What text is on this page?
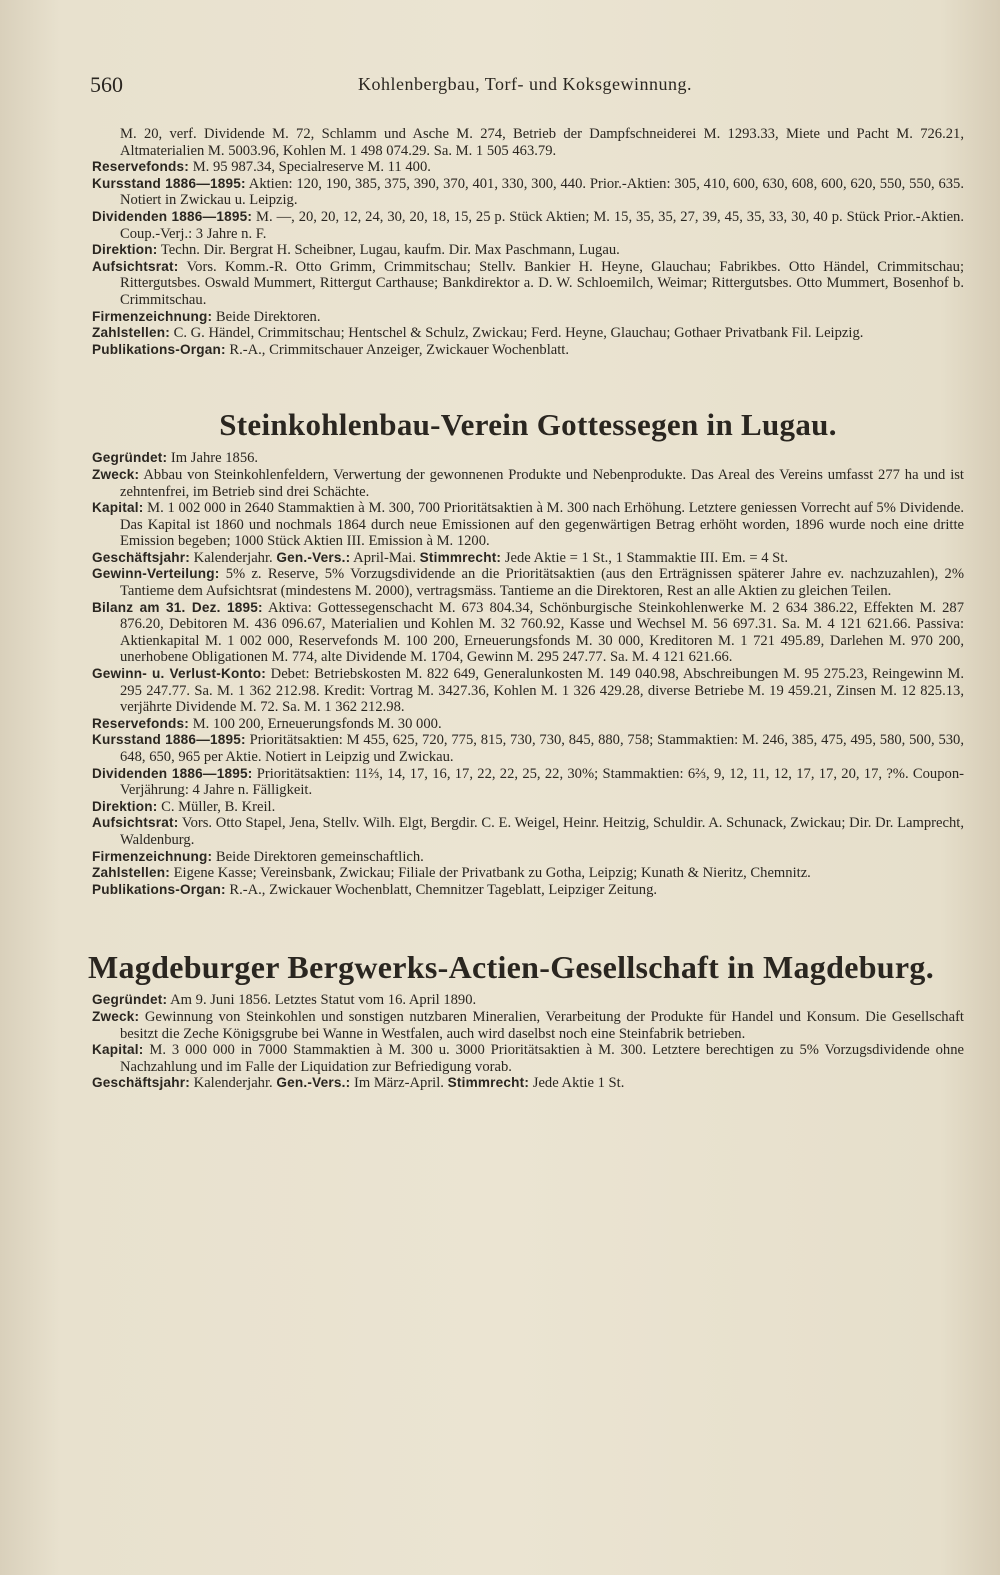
560	Kohlenbergbau, Torf- und Koksgewinnung.

M. 20, verf. Dividende M. 72, Schlamm und Asche M. 274, Betrieb der Dampfschneiderei M. 1293.33, Miete und Pacht M. 726.21, Altmaterialien M. 5003.96, Kohlen M. 1 498 074.29. Sa. M. 1 505 463.79.

Reservefonds: M. 95 987.34, Specialreserve M. 11 400.

Kursstand 1886—1895: Aktien: 120, 190, 385, 375, 390, 370, 401, 330, 300, 440. Prior.-Aktien: 305, 410, 600, 630, 608, 600, 620, 550, 550, 635. Notiert in Zwickau u. Leipzig.

Dividenden 1886—1895: M. —, 20, 20, 12, 24, 30, 20, 18, 15, 25 p. Stück Aktien; M. 15, 35, 35, 27, 39, 45, 35, 33, 30, 40 p. Stück Prior.-Aktien. Coup.-Verj.: 3 Jahre n. F.

Direktion: Techn. Dir. Bergrat H. Scheibner, Lugau, kaufm. Dir. Max Paschmann, Lugau.

Aufsichtsrat: Vors. Komm.-R. Otto Grimm, Crimmitschau; Stellv. Bankier H. Heyne, Glauchau; Fabrikbes. Otto Händel, Crimmitschau; Rittergutsbes. Oswald Mummert, Rittergut Carthause; Bankdirektor a. D. W. Schloemilch, Weimar; Rittergutsbes. Otto Mummert, Bosenhof b. Crimmitschau.

Firmenzeichnung: Beide Direktoren.

Zahlstellen: C. G. Händel, Crimmitschau; Hentschel & Schulz, Zwickau; Ferd. Heyne, Glauchau; Gothaer Privatbank Fil. Leipzig.

Publikations-Organ: R.-A., Crimmitschauer Anzeiger, Zwickauer Wochenblatt.

Steinkohlenbau-Verein Gottessegen in Lugau.

Gegründet: Im Jahre 1856.

Zweck: Abbau von Steinkohlenfeldern, Verwertung der gewonnenen Produkte und Nebenprodukte. Das Areal des Vereins umfasst 277 ha und ist zehntenfrei, im Betrieb sind drei Schächte.

Kapital: M. 1 002 000 in 2640 Stammaktien à M. 300, 700 Prioritätsaktien à M. 300 nach Erhöhung. Letztere geniessen Vorrecht auf 5% Dividende. Das Kapital ist 1860 und nochmals 1864 durch neue Emissionen auf den gegenwärtigen Betrag erhöht worden, 1896 wurde noch eine dritte Emission begeben; 1000 Stück Aktien III. Emission à M. 1200.

Geschäftsjahr: Kalenderjahr. Gen.-Vers.: April-Mai. Stimmrecht: Jede Aktie = 1 St., 1 Stammaktie III. Em. = 4 St.

Gewinn-Verteilung: 5% z. Reserve, 5% Vorzugsdividende an die Prioritätsaktien (aus den Erträgnissen späterer Jahre ev. nachzuzahlen), 2% Tantieme dem Aufsichtsrat (mindestens M. 2000), vertragsmäss. Tantieme an die Direktoren, Rest an alle Aktien zu gleichen Teilen.

Bilanz am 31. Dez. 1895: Aktiva: Gottessegenschacht M. 673 804.34, Schönburgische Steinkohlenwerke M. 2 634 386.22, Effekten M. 287 876.20, Debitoren M. 436 096.67, Materialien und Kohlen M. 32 760.92, Kasse und Wechsel M. 56 697.31. Sa. M. 4 121 621.66. Passiva: Aktienkapital M. 1 002 000, Reservefonds M. 100 200, Erneuerungsfonds M. 30 000, Kreditoren M. 1 721 495.89, Darlehen M. 970 200, unerhobene Obligationen M. 774, alte Dividende M. 1704, Gewinn M. 295 247.77. Sa. M. 4 121 621.66.

Gewinn- u. Verlust-Konto: Debet: Betriebskosten M. 822 649, Generalunkosten M. 149 040.98, Abschreibungen M. 95 275.23, Reingewinn M. 295 247.77. Sa. M. 1 362 212.98. Kredit: Vortrag M. 3427.36, Kohlen M. 1 326 429.28, diverse Betriebe M. 19 459.21, Zinsen M. 12 825.13, verjährte Dividende M. 72. Sa. M. 1 362 212.98.

Reservefonds: M. 100 200, Erneuerungsfonds M. 30 000.

Kursstand 1886—1895: Prioritätsaktien: M 455, 625, 720, 775, 815, 730, 730, 845, 880, 758; Stammaktien: M. 246, 385, 475, 495, 580, 500, 530, 648, 650, 965 per Aktie. Notiert in Leipzig und Zwickau.

Dividenden 1886—1895: Prioritätsaktien: 11⅔, 14, 17, 16, 17, 22, 22, 25, 22, 30%; Stammaktien: 6⅔, 9, 12, 11, 12, 17, 17, 20, 17, ?%. Coupon-Verjährung: 4 Jahre n. Fälligkeit.

Direktion: C. Müller, B. Kreil.

Aufsichtsrat: Vors. Otto Stapel, Jena, Stellv. Wilh. Elgt, Bergdir. C. E. Weigel, Heinr. Heitzig, Schuldir. A. Schunack, Zwickau; Dir. Dr. Lamprecht, Waldenburg.

Firmenzeichnung: Beide Direktoren gemeinschaftlich.

Zahlstellen: Eigene Kasse; Vereinsbank, Zwickau; Filiale der Privatbank zu Gotha, Leipzig; Kunath & Nieritz, Chemnitz.

Publikations-Organ: R.-A., Zwickauer Wochenblatt, Chemnitzer Tageblatt, Leipziger Zeitung.

Magdeburger Bergwerks-Actien-Gesellschaft in Magdeburg.

Gegründet: Am 9. Juni 1856. Letztes Statut vom 16. April 1890.

Zweck: Gewinnung von Steinkohlen und sonstigen nutzbaren Mineralien, Verarbeitung der Produkte für Handel und Konsum. Die Gesellschaft besitzt die Zeche Königsgrube bei Wanne in Westfalen, auch wird daselbst noch eine Steinfabrik betrieben.

Kapital: M. 3 000 000 in 7000 Stammaktien à M. 300 u. 3000 Prioritätsaktien à M. 300. Letztere berechtigen zu 5% Vorzugsdividende ohne Nachzahlung und im Falle der Liquidation zur Befriedigung vorab.

Geschäftsjahr: Kalenderjahr. Gen.-Vers.: Im März-April. Stimmrecht: Jede Aktie 1 St.
